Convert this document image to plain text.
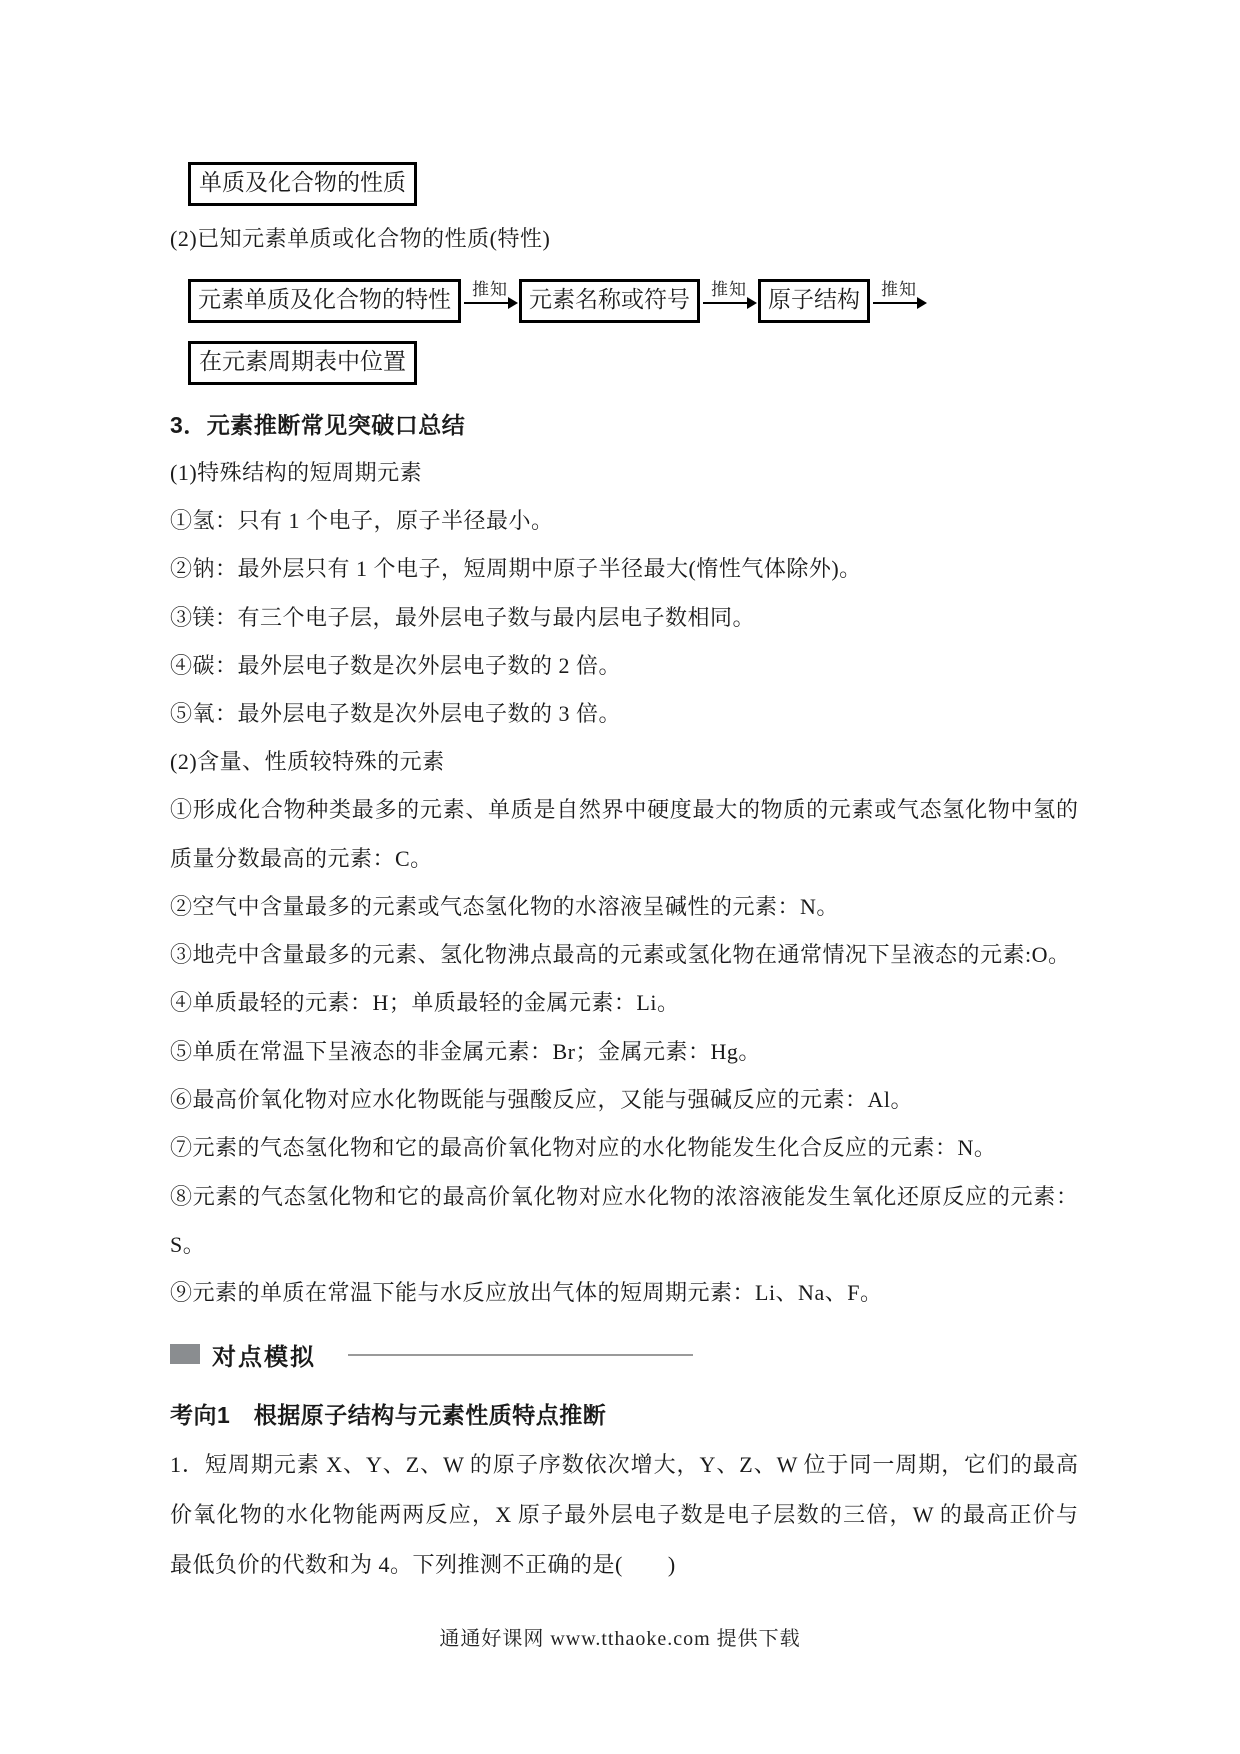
单质及化合物的性质
(2)已知元素单质或化合物的性质(特性)
元素单质及化合物的特性	推知 元素名称或符号	推知 原子结构	推知
在元素周期表中位置
3．元素推断常见突破口总结
(1)特殊结构的短周期元素
①氢：只有 1 个电子，原子半径最小。
②钠：最外层只有 1 个电子，短周期中原子半径最大(惰性气体除外)。
③镁：有三个电子层，最外层电子数与最内层电子数相同。
④碳：最外层电子数是次外层电子数的 2 倍。
⑤氧：最外层电子数是次外层电子数的 3 倍。
(2)含量、性质较特殊的元素
①形成化合物种类最多的元素、单质是自然界中硬度最大的物质的元素或气态氢化物中氢的
质量分数最高的元素：C。
②空气中含量最多的元素或气态氢化物的水溶液呈碱性的元素：N。
③地壳中含量最多的元素、氢化物沸点最高的元素或氢化物在通常情况下呈液态的元素:O。
④单质最轻的元素：H；单质最轻的金属元素：Li。
⑤单质在常温下呈液态的非金属元素：Br；金属元素：Hg。
⑥最高价氧化物对应水化物既能与强酸反应，又能与强碱反应的元素：Al。
⑦元素的气态氢化物和它的最高价氧化物对应的水化物能发生化合反应的元素：N。
⑧元素的气态氢化物和它的最高价氧化物对应水化物的浓溶液能发生氧化还原反应的元素：
S。
⑨元素的单质在常温下能与水反应放出气体的短周期元素：Li、Na、F。
对点模拟
考向1　根据原子结构与元素性质特点推断
1．短周期元素 X、Y、Z、W 的原子序数依次增大，Y、Z、W 位于同一周期，它们的最高
价氧化物的水化物能两两反应，X 原子最外层电子数是电子层数的三倍，W 的最高正价与
最低负价的代数和为 4。下列推测不正确的是(　　)
通通好课网 www.tthaoke.com 提供下载
